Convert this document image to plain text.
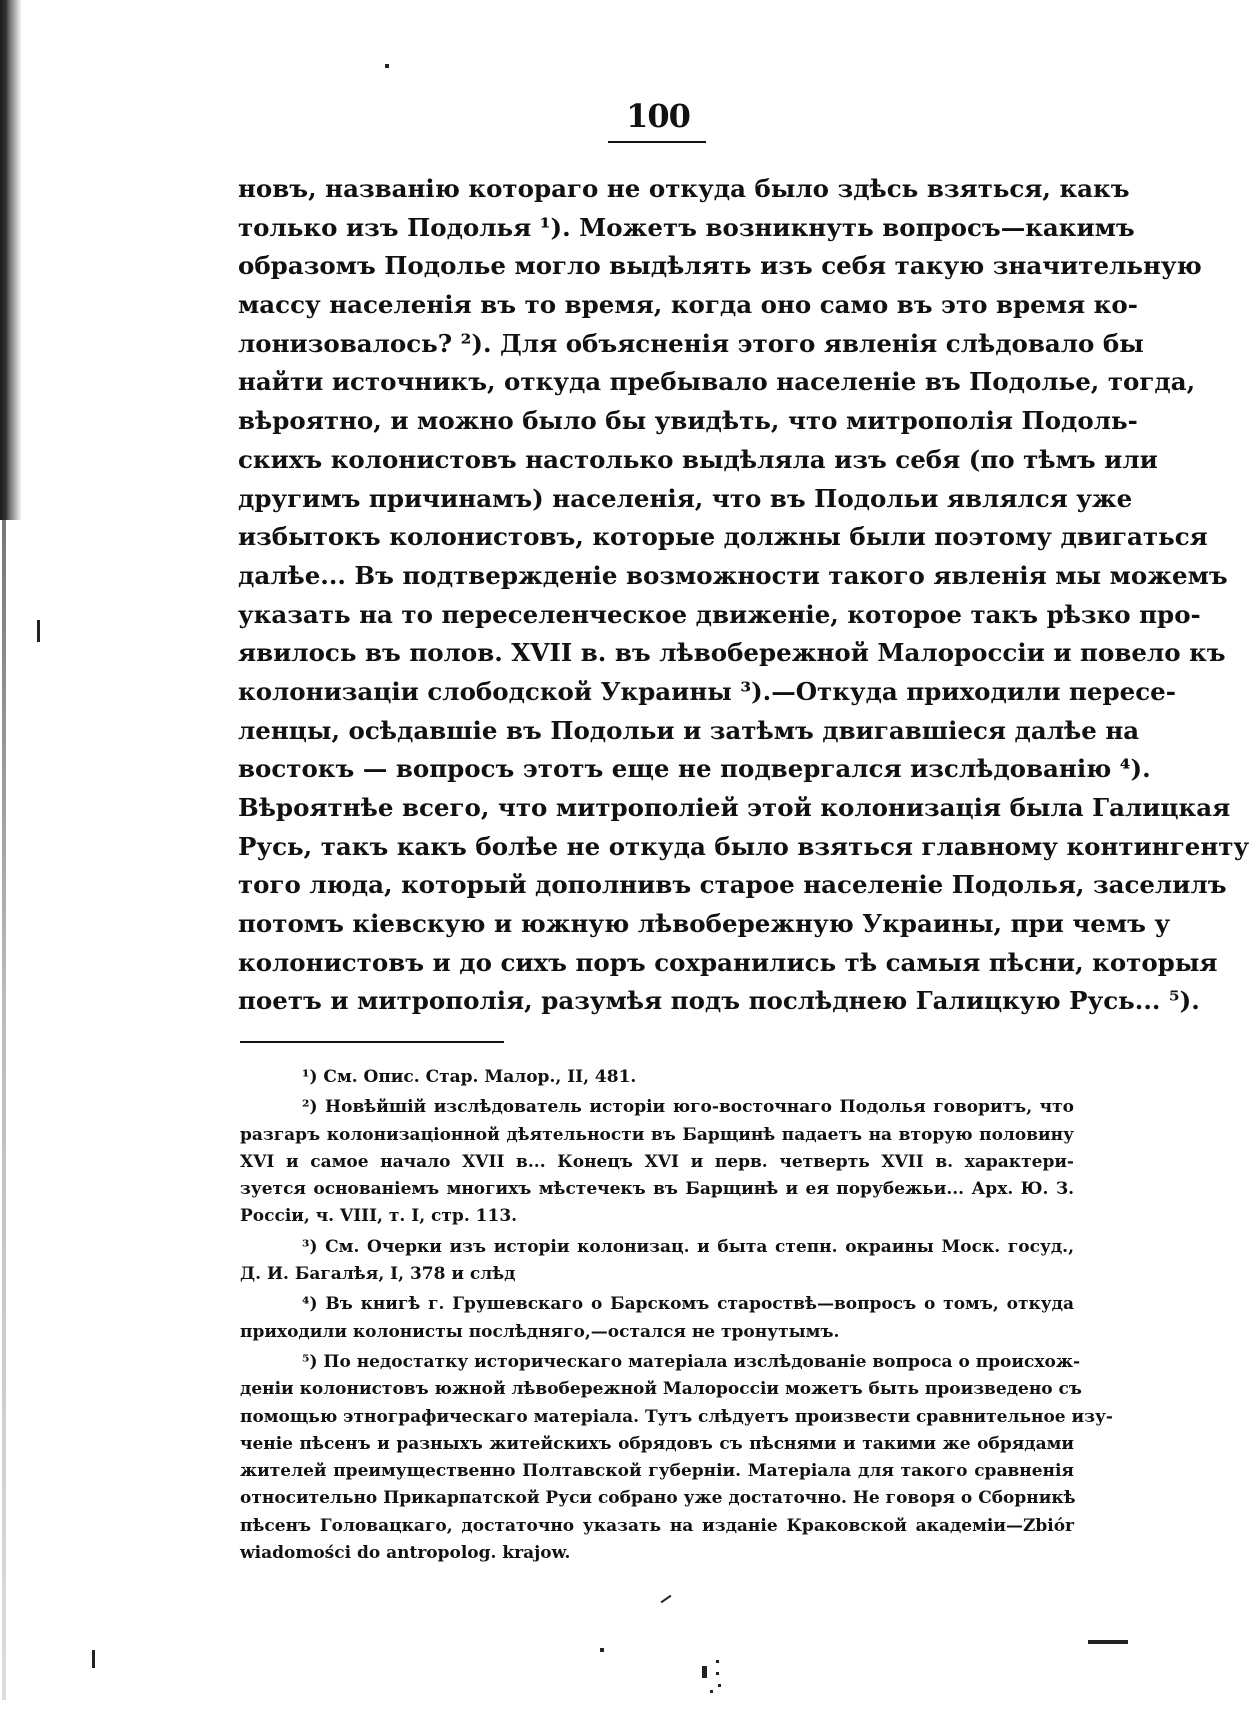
100
новъ, названію котораго не откуда было здѣсь взяться, какъ
только изъ Подолья ¹). Можетъ возникнуть вопросъ—какимъ
образомъ Подолье могло выдѣлять изъ себя такую значительную
массу населенія въ то время, когда оно само въ это время ко-
лонизовалось? ²). Для объясненія этого явленія слѣдовало бы
найти источникъ, откуда пребывало населеніе въ Подолье, тогда,
вѣроятно, и можно было бы увидѣть, что митрополія Подоль-
скихъ колонистовъ настолько выдѣляла изъ себя (по тѣмъ или
другимъ причинамъ) населенія, что въ Подольи являлся уже
избытокъ колонистовъ, которые должны были поэтому двигаться
далѣе... Въ подтвержденіе возможности такого явленія мы можемъ
указать на то переселенческое движеніе, которое такъ рѣзко про-
явилось въ полов. XVII в. въ лѣвобережной Малороссіи и повело къ
колонизаціи слободской Украины ³).—Откуда приходили пересе-
ленцы, осѣдавшіе въ Подольи и затѣмъ двигавшіеся далѣе на
востокъ — вопросъ этотъ еще не подвергался изслѣдованію ⁴).
Вѣроятнѣе всего, что митрополіей этой колонизація была Галицкая
Русь, такъ какъ болѣе не откуда было взяться главному контингенту
того люда, который дополнивъ старое населеніе Подолья, заселилъ
потомъ кіевскую и южную лѣвобережную Украины, при чемъ у
колонистовъ и до сихъ поръ сохранились тѣ самыя пѣсни, которыя
поетъ и митрополія, разумѣя подъ послѣднею Галицкую Русь... ⁵).
¹) См. Опис. Стар. Малор., II, 481.
²) Новѣйшій изслѣдователь исторіи юго-восточнаго Подолья говоритъ, что
разгаръ колонизаціонной дѣятельности въ Барщинѣ падаетъ на вторую половину
XVI и самое начало XVII в... Конецъ XVI и перв. четверть XVII в. характери-
зуется основаніемъ многихъ мѣстечекъ въ Барщинѣ и ея порубежьи... Арх. Ю. З.
Россіи, ч. VIII, т. I, стр. 113.
³) См. Очерки изъ исторіи колонизац. и быта степн. окраины Моск. госуд.,
Д. И. Багалѣя, I, 378 и слѣд
⁴) Въ книгѣ г. Грушевскаго о Барскомъ староствѣ—вопросъ о томъ, откуда
приходили колонисты послѣдняго,—остался не тронутымъ.
⁵) По недостатку историческаго матеріала изслѣдованіе вопроса о происхож-
деніи колонистовъ южной лѣвобережной Малороссіи можетъ быть произведено съ
помощью этнографическаго матеріала. Тутъ слѣдуетъ произвести сравнительное изу-
ченіе пѣсенъ и разныхъ житейскихъ обрядовъ съ пѣснями и такими же обрядами
жителей преимущественно Полтавской губерніи. Матеріала для такого сравненія
относительно Прикарпатской Руси собрано уже достаточно. Не говоря о Сборникѣ
пѣсенъ Головацкаго, достаточно указать на изданіе Краковской академіи—Zbiór
wiadomości do antropolog. krajow.
